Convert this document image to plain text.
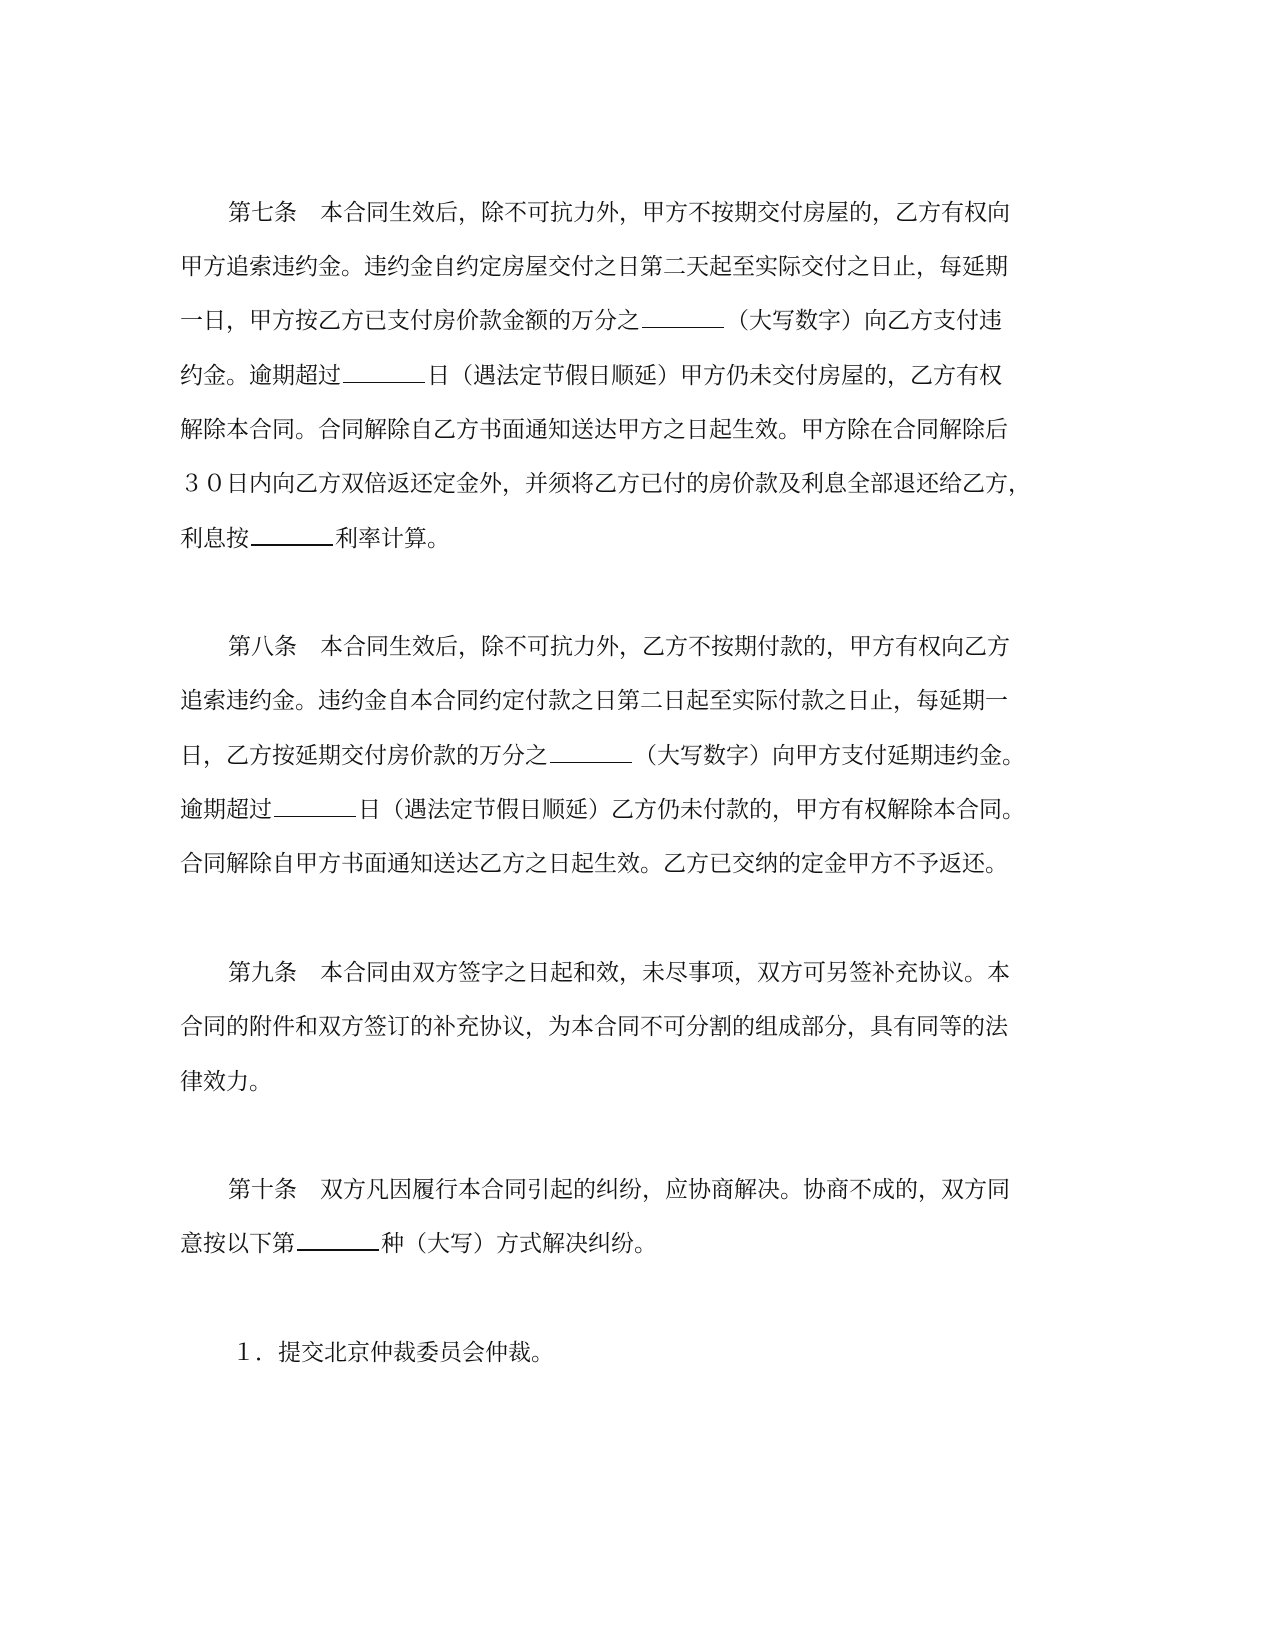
第七条　本合同生效后，除不可抗力外，甲方不按期交付房屋的，乙方有权向
甲方追索违约金。违约金自约定房屋交付之日第二天起至实际交付之日止，每延期
一日，甲方按乙方已支付房价款金额的万分之	（大写数字）向乙方支付违
约金。逾期超过	日（遇法定节假日顺延）甲方仍未交付房屋的，乙方有权
解除本合同。合同解除自乙方书面通知送达甲方之日起生效。甲方除在合同解除后
３０日内向乙方双倍返还定金外，并须将乙方已付的房价款及利息全部退还给乙方，
利息按	利率计算。
第八条　本合同生效后，除不可抗力外，乙方不按期付款的，甲方有权向乙方
追索违约金。违约金自本合同约定付款之日第二日起至实际付款之日止，每延期一
日，乙方按延期交付房价款的万分之	（大写数字）向甲方支付延期违约金。
逾期超过	日（遇法定节假日顺延）乙方仍未付款的，甲方有权解除本合同。
合同解除自甲方书面通知送达乙方之日起生效。乙方已交纳的定金甲方不予返还。
第九条　本合同由双方签字之日起和效，未尽事项，双方可另签补充协议。本
合同的附件和双方签订的补充协议，为本合同不可分割的组成部分，具有同等的法
律效力。
第十条　双方凡因履行本合同引起的纠纷，应协商解决。协商不成的，双方同
意按以下第	种（大写）方式解决纠纷。
１．提交北京仲裁委员会仲裁。
